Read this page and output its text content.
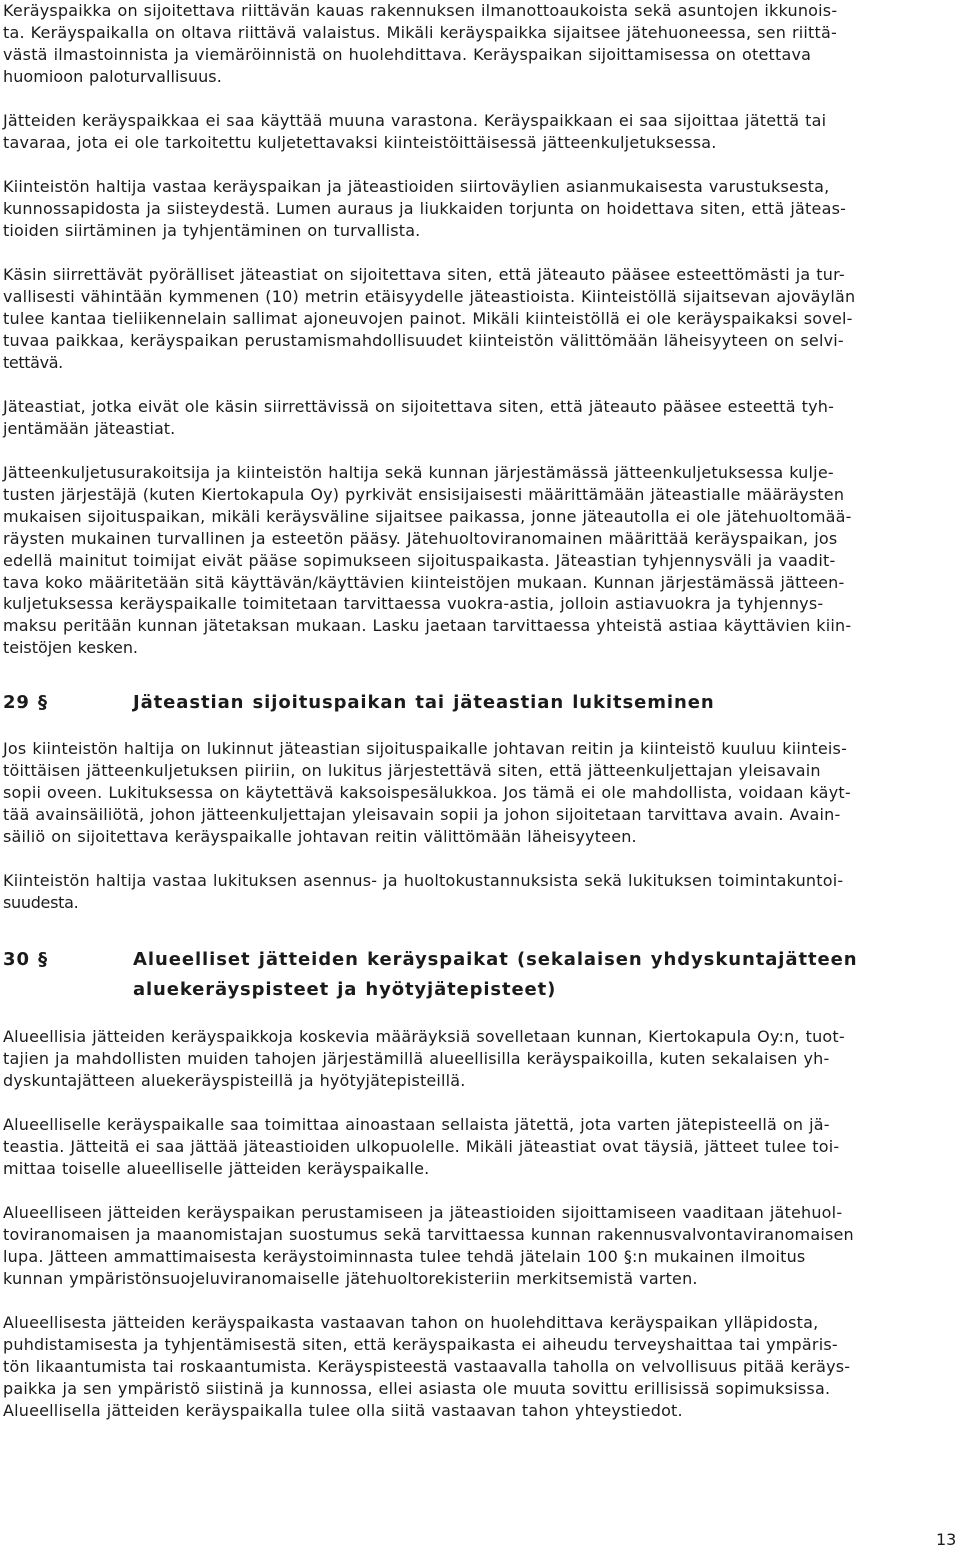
Keräyspaikka on sijoitettava riittävän kauas rakennuksen ilmanottoaukoista sekä asuntojen ikkunois-
ta. Keräyspaikalla on oltava riittävä valaistus. Mikäli keräyspaikka sijaitsee jätehuoneessa, sen riittä-
västä ilmastoinnista ja viemäröinnistä on huolehdittava. Keräyspaikan sijoittamisessa on otettava
huomioon paloturvallisuus.

Jätteiden keräyspaikkaa ei saa käyttää muuna varastona. Keräyspaikkaan ei saa sijoittaa jätettä tai
tavaraa, jota ei ole tarkoitettu kuljetettavaksi kiinteistöittäisessä jätteenkuljetuksessa.

Kiinteistön haltija vastaa keräyspaikan ja jäteastioiden siirtoväylien asianmukaisesta varustuksesta,
kunnossapidosta ja siisteydestä. Lumen auraus ja liukkaiden torjunta on hoidettava siten, että jäteas-
tioiden siirtäminen ja tyhjentäminen on turvallista.

Käsin siirrettävät pyörälliset jäteastiat on sijoitettava siten, että jäteauto pääsee esteettömästi ja tur-
vallisesti vähintään kymmenen (10) metrin etäisyydelle jäteastioista. Kiinteistöllä sijaitsevan ajoväylän
tulee kantaa tieliikennelain sallimat ajoneuvojen painot. Mikäli kiinteistöllä ei ole keräyspaikaksi sovel-
tuvaa paikkaa, keräyspaikan perustamismahdollisuudet kiinteistön välittömään läheisyyteen on selvi-
tettävä.

Jäteastiat, jotka eivät ole käsin siirrettävissä on sijoitettava siten, että jäteauto pääsee esteettä tyh-
jentämään jäteastiat.

Jätteenkuljetusurakoitsija ja kiinteistön haltija sekä kunnan järjestämässä jätteenkuljetuksessa kulje-
tusten järjestäjä (kuten Kiertokapula Oy) pyrkivät ensisijaisesti määrittämään jäteastialle määräysten
mukaisen sijoituspaikan, mikäli keräysväline sijaitsee paikassa, jonne jäteautolla ei ole jätehuoltomää-
räysten mukainen turvallinen ja esteetön pääsy. Jätehuoltoviranomainen määrittää keräyspaikan, jos
edellä mainitut toimijat eivät pääse sopimukseen sijoituspaikasta. Jäteastian tyhjennysväli ja vaadit-
tava koko määritetään sitä käyttävän/käyttävien kiinteistöjen mukaan. Kunnan järjestämässä jätteen-
kuljetuksessa keräyspaikalle toimitetaan tarvittaessa vuokra-astia, jolloin astiavuokra ja tyhjennys-
maksu peritään kunnan jätetaksan mukaan. Lasku jaetaan tarvittaessa yhteistä astiaa käyttävien kiin-
teistöjen kesken.

29 §	Jäteastian sijoituspaikan tai jäteastian lukitseminen

Jos kiinteistön haltija on lukinnut jäteastian sijoituspaikalle johtavan reitin ja kiinteistö kuuluu kiinteis-
töittäisen jätteenkuljetuksen piiriin, on lukitus järjestettävä siten, että jätteenkuljettajan yleisavain
sopii oveen. Lukituksessa on käytettävä kaksoispesälukkoa. Jos tämä ei ole mahdollista, voidaan käyt-
tää avainsäiliötä, johon jätteenkuljettajan yleisavain sopii ja johon sijoitetaan tarvittava avain. Avain-
säiliö on sijoitettava keräyspaikalle johtavan reitin välittömään läheisyyteen.

Kiinteistön haltija vastaa lukituksen asennus- ja huoltokustannuksista sekä lukituksen toimintakuntoi-
suudesta.

30 §	Alueelliset jätteiden keräyspaikat (sekalaisen yhdyskuntajätteen
aluekeräyspisteet ja hyötyjätepisteet)

Alueellisia jätteiden keräyspaikkoja koskevia määräyksiä sovelletaan kunnan, Kiertokapula Oy:n, tuot-
tajien ja mahdollisten muiden tahojen järjestämillä alueellisilla keräyspaikoilla, kuten sekalaisen yh-
dyskuntajätteen aluekeräyspisteillä ja hyötyjätepisteillä.

Alueelliselle keräyspaikalle saa toimittaa ainoastaan sellaista jätettä, jota varten jätepisteellä on jä-
teastia. Jätteitä ei saa jättää jäteastioiden ulkopuolelle. Mikäli jäteastiat ovat täysiä, jätteet tulee toi-
mittaa toiselle alueelliselle jätteiden keräyspaikalle.

Alueelliseen jätteiden keräyspaikan perustamiseen ja jäteastioiden sijoittamiseen vaaditaan jätehuol-
toviranomaisen ja maanomistajan suostumus sekä tarvittaessa kunnan rakennusvalvontaviranomaisen
lupa. Jätteen ammattimaisesta keräystoiminnasta tulee tehdä jätelain 100 §:n mukainen ilmoitus
kunnan ympäristönsuojeluviranomaiselle jätehuoltorekisteriin merkitsemistä varten.

Alueellisesta jätteiden keräyspaikasta vastaavan tahon on huolehdittava keräyspaikan ylläpidosta,
puhdistamisesta ja tyhjentämisestä siten, että keräyspaikasta ei aiheudu terveyshaittaa tai ympäris-
tön likaantumista tai roskaantumista. Keräyspisteestä vastaavalla taholla on velvollisuus pitää keräys-
paikka ja sen ympäristö siistinä ja kunnossa, ellei asiasta ole muuta sovittu erillisissä sopimuksissa.
Alueellisella jätteiden keräyspaikalla tulee olla siitä vastaavan tahon yhteystiedot.

13
